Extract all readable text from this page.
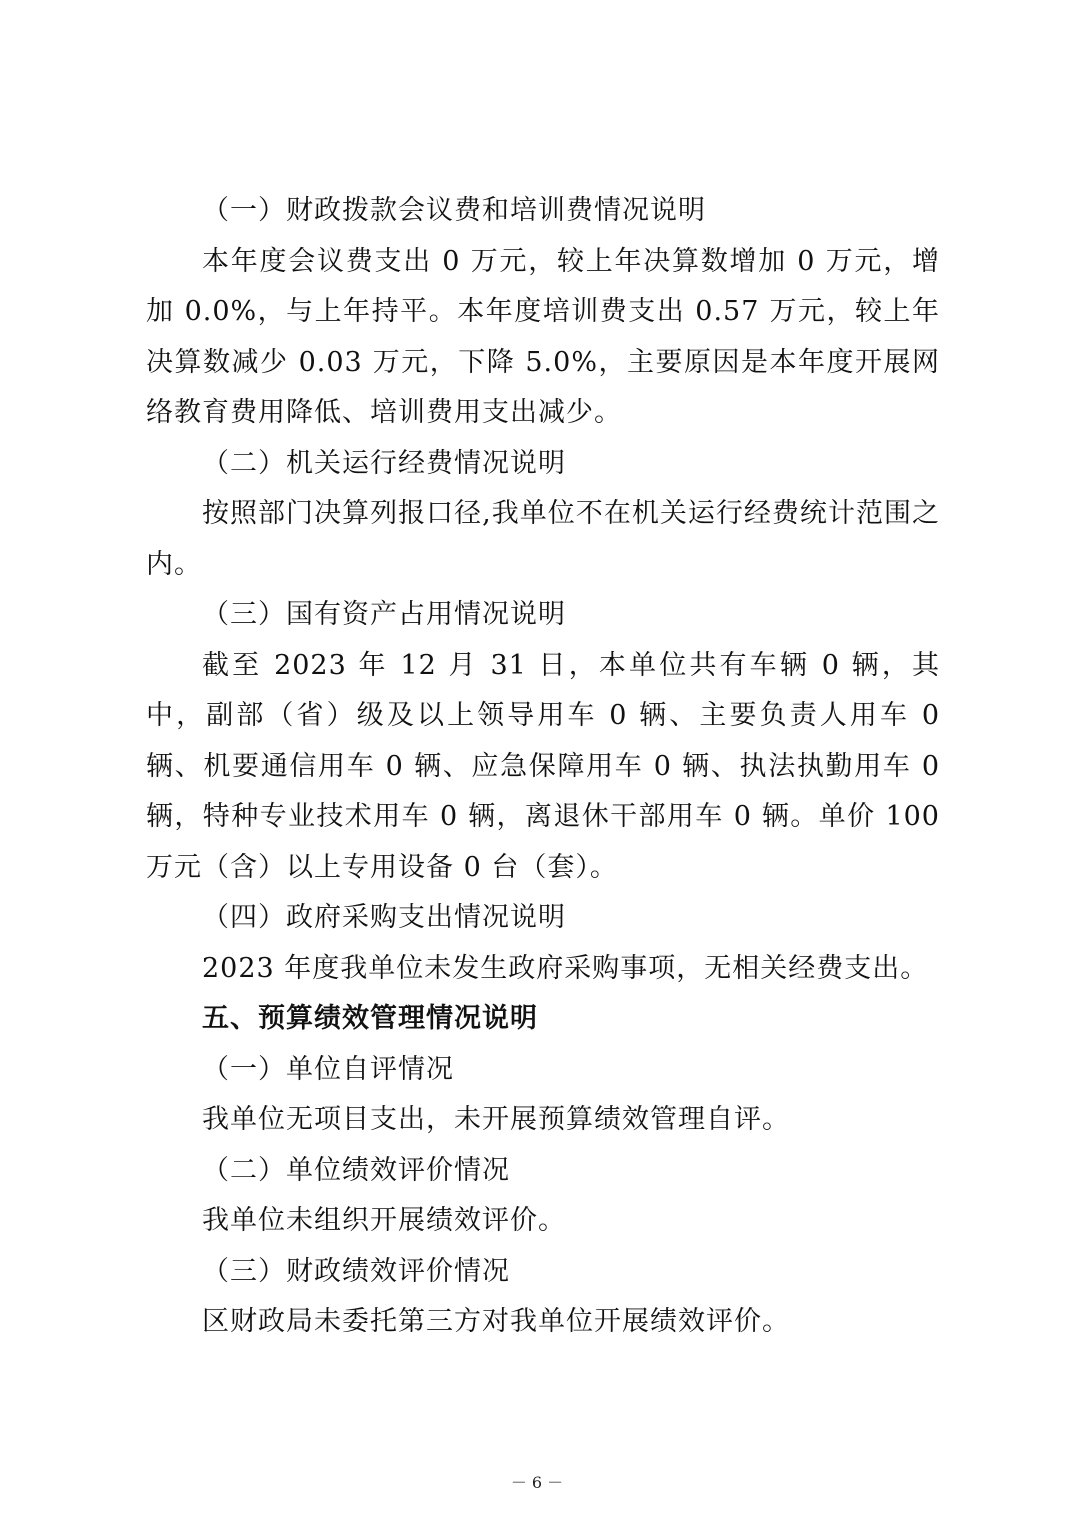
（一）财政拨款会议费和培训费情况说明

本年度会议费支出 0 万元，较上年决算数增加 0 万元，增加 0.0%，与上年持平。本年度培训费支出 0.57 万元，较上年决算数减少 0.03 万元，下降 5.0%，主要原因是本年度开展网络教育费用降低、培训费用支出减少。

（二）机关运行经费情况说明

按照部门决算列报口径,我单位不在机关运行经费统计范围之内。

（三）国有资产占用情况说明

截至 2023 年 12 月 31 日，本单位共有车辆 0 辆，其中，副部（省）级及以上领导用车 0 辆、主要负责人用车 0 辆、机要通信用车 0 辆、应急保障用车 0 辆、执法执勤用车 0 辆，特种专业技术用车 0 辆，离退休干部用车 0 辆。单价 100 万元（含）以上专用设备 0 台（套）。

（四）政府采购支出情况说明

2023 年度我单位未发生政府采购事项，无相关经费支出。

五、预算绩效管理情况说明

（一）单位自评情况

我单位无项目支出，未开展预算绩效管理自评。

（二）单位绩效评价情况

我单位未组织开展绩效评价。

（三）财政绩效评价情况

区财政局未委托第三方对我单位开展绩效评价。

－ 6 －
